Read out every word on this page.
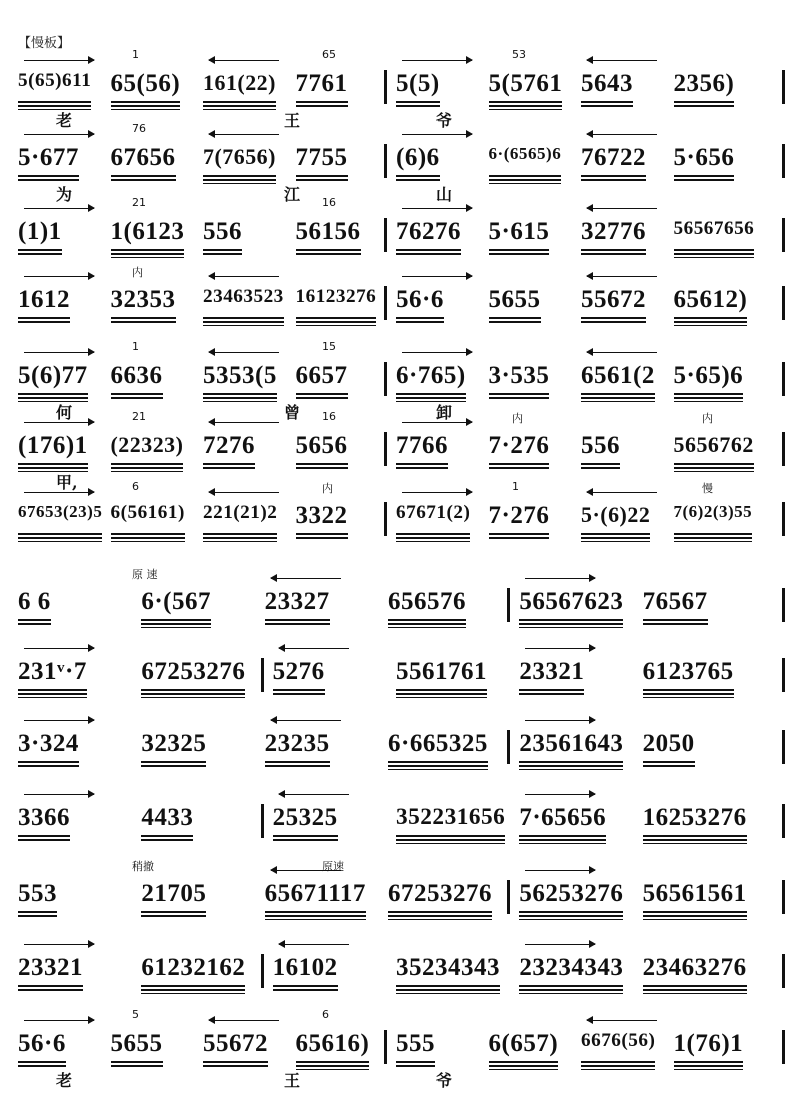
【慢板】
5(65)611 65(56) 161(22) 7761 5(5) 5(5761 5643 2356)
老	王	爷
1	65	53
5·677 67656 7(7656) 7755 (6)6	6·(6565)6 76722 5·656
为	江	山
76
(1)1 1(6123 556 56156 76276 5·615 32776 56567656
21	16
1612 32353 23463523 16123276 56·6 5655 55672 65612)
内
5(6)77 6636 5353(5 6657 6·765) 3·535 6561(2 5·65)6
何	曾	卸
1	15
(176)1 (22323) 7276 5656 7766 7·276 556 5656762
甲,
21	16	内	内
67653(23)5 6(56161) 221(21)2 3322	67671(2) 7·276 5·(6)22 7(6)2(3)55
6	内	1	慢
6 6	6·(567 23327 656576 56567623 76567
原 速
231ᵛ·7 67253276 5276	5561761 23321 6123765
3·324 32325 23235 6·665325 23561643 2050
3366	4433	25325	352231656 7·65656 16253276
553	21705 65671117 67253276 56253276 56561561
稍撤	原速
23321 61232162 16102 35234343 23234343 23463276
56·6 5655 55672 65616) 555 6(657) 6676(56) 1(76)1
老	王	爷
5	6
